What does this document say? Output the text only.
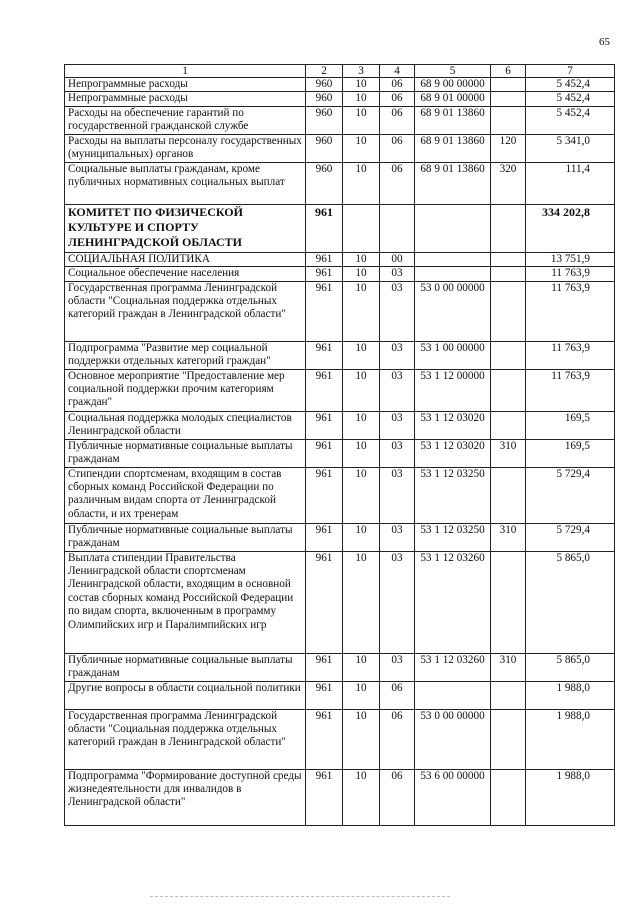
65
1	2	3	4	5	6	7
Непрограммные расходы	960	10	06	68 9 00 00000		5 452,4
Непрограммные расходы	960	10	06	68 9 01 00000		5 452,4
Расходы на обеспечение гарантий по государственной гражданской службе	960	10	06	68 9 01 13860		5 452,4
Расходы на выплаты персоналу государственных (муниципальных) органов	960	10	06	68 9 01 13860	120	5 341,0
Социальные выплаты гражданам, кроме публичных нормативных социальных выплат	960	10	06	68 9 01 13860	320	111,4
КОМИТЕТ ПО ФИЗИЧЕСКОЙ КУЛЬТУРЕ И СПОРТУ ЛЕНИНГРАДСКОЙ ОБЛАСТИ	961					334 202,8
СОЦИАЛЬНАЯ ПОЛИТИКА	961	10	00			13 751,9
Социальное обеспечение населения	961	10	03			11 763,9
Государственная программа Ленинградской области "Социальная поддержка отдельных категорий граждан в Ленинградской области"	961	10	03	53 0 00 00000		11 763,9
Подпрограмма "Развитие мер социальной поддержки отдельных категорий граждан"	961	10	03	53 1 00 00000		11 763,9
Основное мероприятие "Предоставление мер социальной поддержки прочим категориям граждан"	961	10	03	53 1 12 00000		11 763,9
Социальная поддержка молодых специалистов Ленинградской области	961	10	03	53 1 12 03020		169,5
Публичные нормативные социальные выплаты гражданам	961	10	03	53 1 12 03020	310	169,5
Стипендии спортсменам, входящим в состав сборных команд Российской Федерации по различным видам спорта от Ленинградской области, и их тренерам	961	10	03	53 1 12 03250		5 729,4
Публичные нормативные социальные выплаты гражданам	961	10	03	53 1 12 03250	310	5 729,4
Выплата стипендии Правительства Ленинградской области спортсменам Ленинградской области, входящим в основной состав сборных команд Российской Федерации по видам спорта, включенным в программу Олимпийских игр и Паралимпийских игр	961	10	03	53 1 12 03260		5 865,0
Публичные нормативные социальные выплаты гражданам	961	10	03	53 1 12 03260	310	5 865,0
Другие вопросы в области социальной политики	961	10	06			1 988,0
Государственная программа Ленинградской области "Социальная поддержка отдельных категорий граждан в Ленинградской области"	961	10	06	53 0 00 00000		1 988,0
Подпрограмма "Формирование доступной среды жизнедеятельности для инвалидов в Ленинградской области"	961	10	06	53 6 00 00000		1 988,0
